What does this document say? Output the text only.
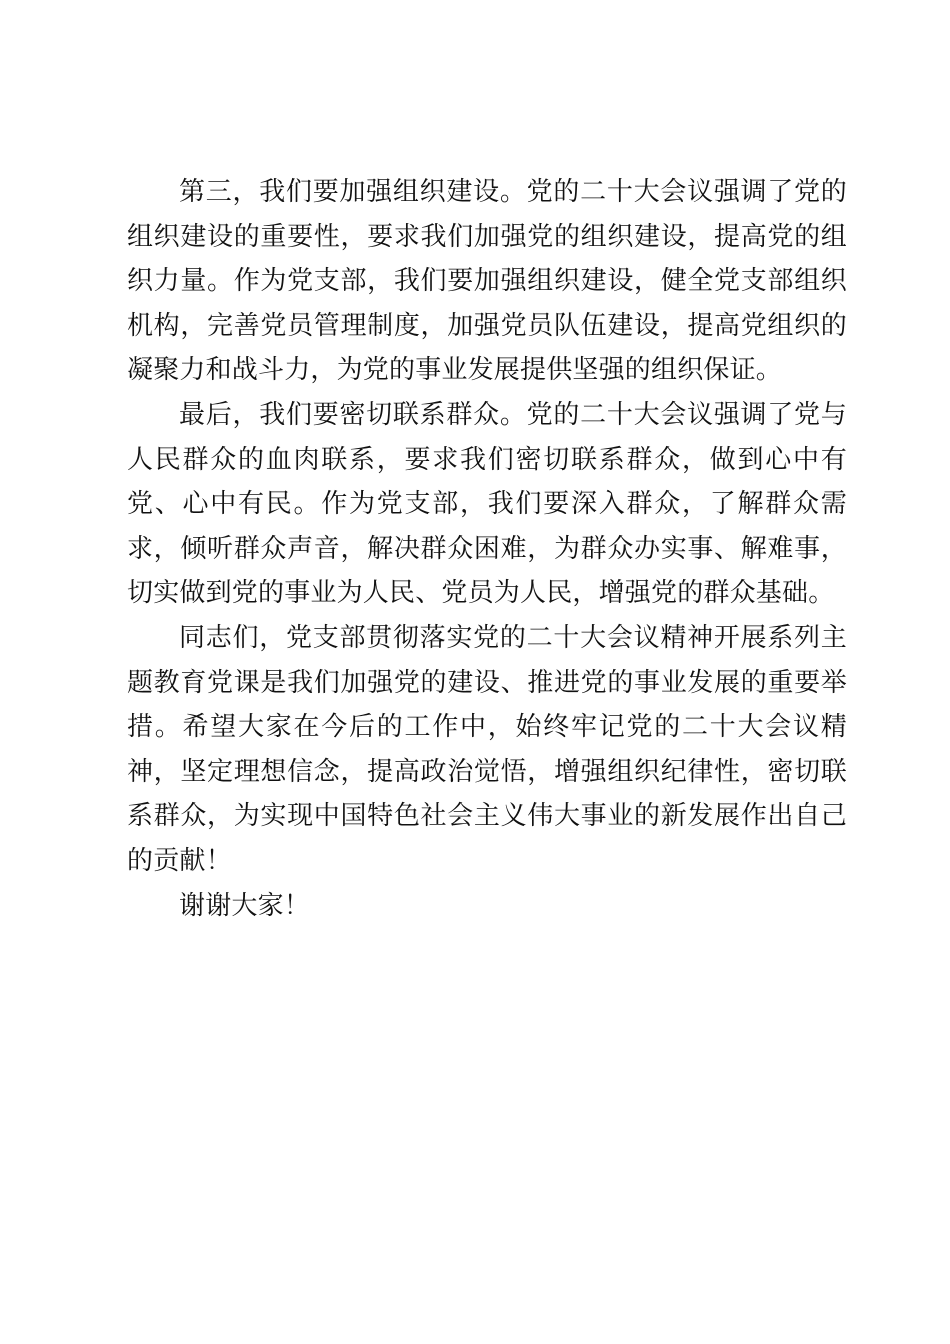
第三，我们要加强组织建设。党的二十大会议强调了党的组织建设的重要性，要求我们加强党的组织建设，提高党的组织力量。作为党支部，我们要加强组织建设，健全党支部组织机构，完善党员管理制度，加强党员队伍建设，提高党组织的凝聚力和战斗力，为党的事业发展提供坚强的组织保证。

最后，我们要密切联系群众。党的二十大会议强调了党与人民群众的血肉联系，要求我们密切联系群众，做到心中有党、心中有民。作为党支部，我们要深入群众，了解群众需求，倾听群众声音，解决群众困难，为群众办实事、解难事，切实做到党的事业为人民、党员为人民，增强党的群众基础。

同志们，党支部贯彻落实党的二十大会议精神开展系列主题教育党课是我们加强党的建设、推进党的事业发展的重要举措。希望大家在今后的工作中，始终牢记党的二十大会议精神，坚定理想信念，提高政治觉悟，增强组织纪律性，密切联系群众，为实现中国特色社会主义伟大事业的新发展作出自己的贡献！

谢谢大家！
